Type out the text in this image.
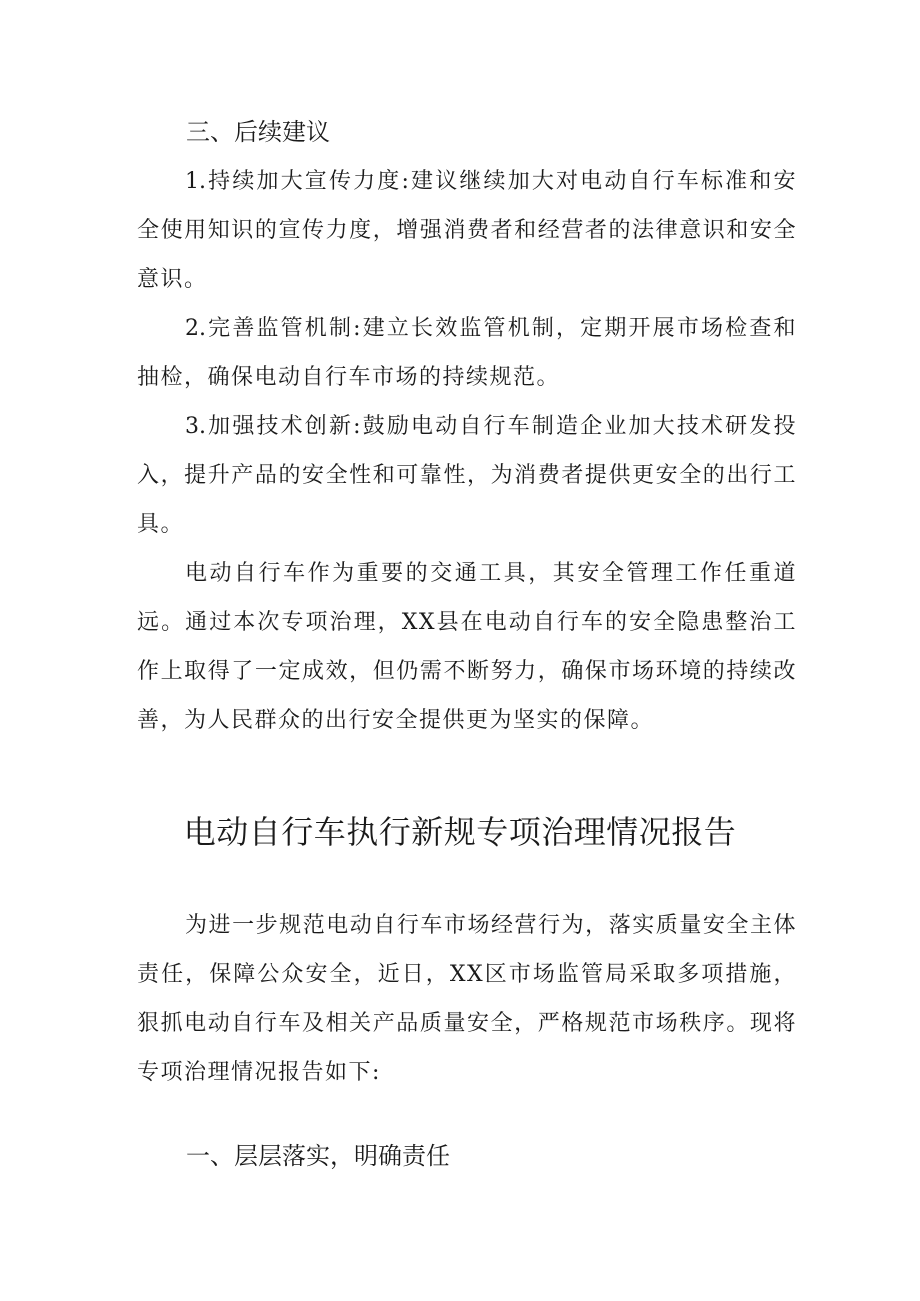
三、后续建议

1.持续加大宣传力度:建议继续加大对电动自行车标准和安全使用知识的宣传力度，增强消费者和经营者的法律意识和安全意识。

2.完善监管机制:建立长效监管机制，定期开展市场检查和抽检，确保电动自行车市场的持续规范。

3.加强技术创新:鼓励电动自行车制造企业加大技术研发投入，提升产品的安全性和可靠性，为消费者提供更安全的出行工具。

电动自行车作为重要的交通工具，其安全管理工作任重道远。通过本次专项治理，XX县在电动自行车的安全隐患整治工作上取得了一定成效，但仍需不断努力，确保市场环境的持续改善，为人民群众的出行安全提供更为坚实的保障。

电动自行车执行新规专项治理情况报告

为进一步规范电动自行车市场经营行为，落实质量安全主体责任，保障公众安全，近日，XX区市场监管局采取多项措施，狠抓电动自行车及相关产品质量安全，严格规范市场秩序。现将专项治理情况报告如下:

一、层层落实，明确责任
